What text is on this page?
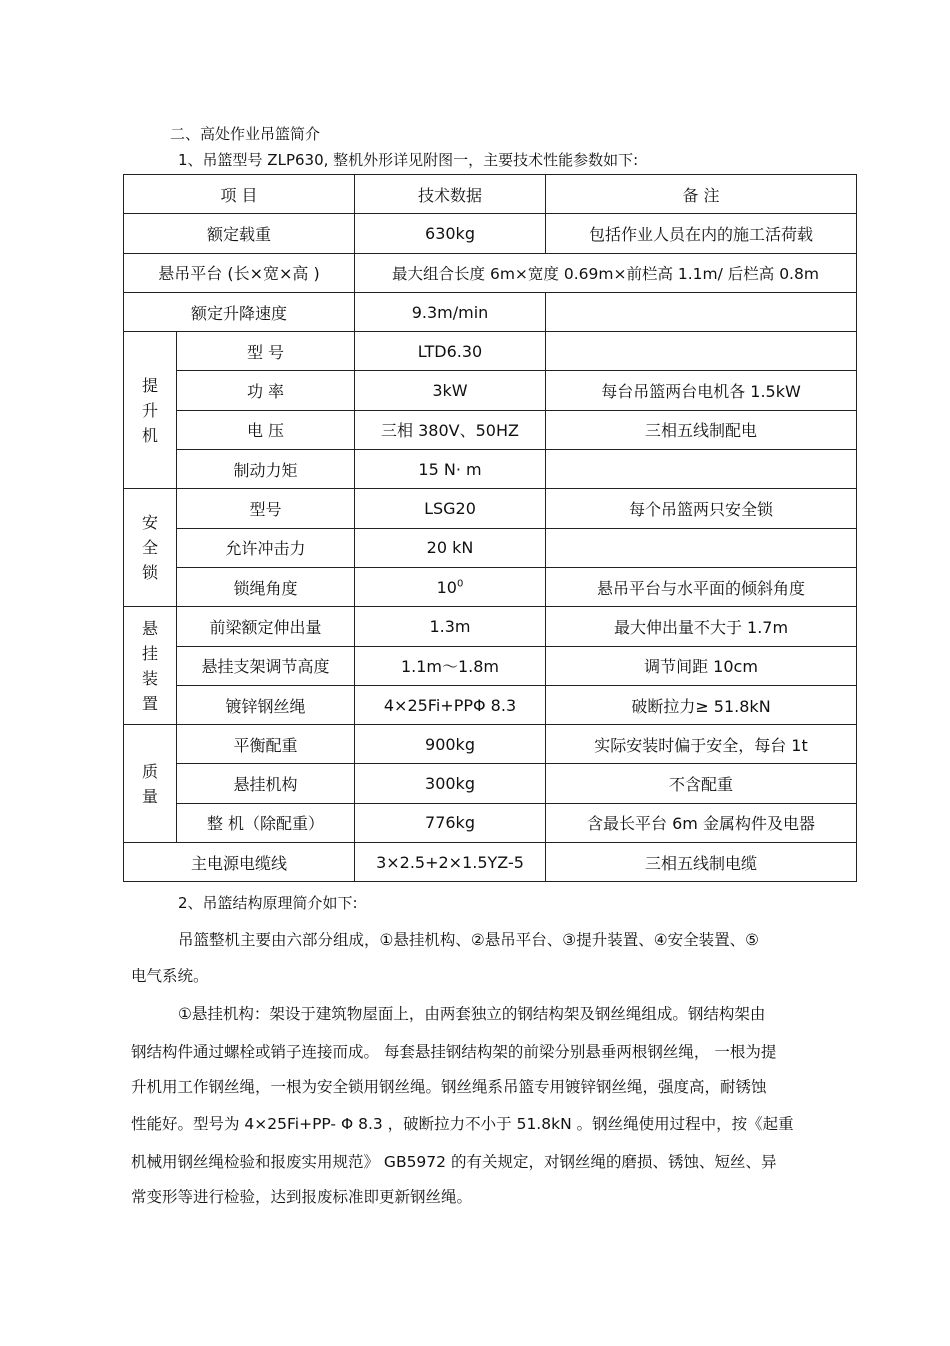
二、高处作业吊篮简介
1、吊篮型号 ZLP630, 整机外形详见附图一，主要技术性能参数如下:
项 目		技术数据	备 注
额定载重		630kg	包括作业人员在内的施工活荷载
悬吊平台 (长×宽×高 )		最大组合长度 6m×宽度 0.69m×前栏高 1.1m/ 后栏高 0.8m	
额定升降速度		9.3m/min	
提升机	型 号	LTD6.30	
	功 率	3kW	每台吊篮两台电机各 1.5kW
	电 压	三相 380V、50HZ	三相五线制配电
	制动力矩	15 N· m	
安全锁	型号	LSG20	每个吊篮两只安全锁
	允许冲击力	20 kN	
	锁绳角度	$10^0$	悬吊平台与水平面的倾斜角度
悬挂装置	前梁额定伸出量	1.3m	最大伸出量不大于 1.7m
	悬挂支架调节高度	1.1m～1.8m	调节间距 10cm
	镀锌钢丝绳	4×25Fi+PPΦ 8.3	破断拉力≥ 51.8kN
质量	平衡配重	900kg	实际安装时偏于安全，每台 1t
	悬挂机构	300kg	不含配重
	整 机（除配重）	776kg	含最长平台 6m 金属构件及电器
主电源电缆线		3×2.5+2×1.5YZ-5	三相五线制电缆
2、吊篮结构原理简介如下:
吊篮整机主要由六部分组成，①悬挂机构、②悬吊平台、③提升装置、④安全装置、⑤
电气系统。
①悬挂机构：架设于建筑物屋面上，由两套独立的钢结构架及钢丝绳组成。钢结构架由
钢结构件通过螺栓或销子连接而成。 每套悬挂钢结构架的前梁分别悬垂两根钢丝绳， 一根为提
升机用工作钢丝绳，一根为安全锁用钢丝绳。钢丝绳系吊篮专用镀锌钢丝绳，强度高，耐锈蚀
性能好。型号为 4×25Fi+PP- Φ 8.3 ，破断拉力不小于 51.8kN 。钢丝绳使用过程中，按《起重
机械用钢丝绳检验和报废实用规范》 GB5972 的有关规定，对钢丝绳的磨损、锈蚀、短丝、异
常变形等进行检验，达到报废标准即更新钢丝绳。
